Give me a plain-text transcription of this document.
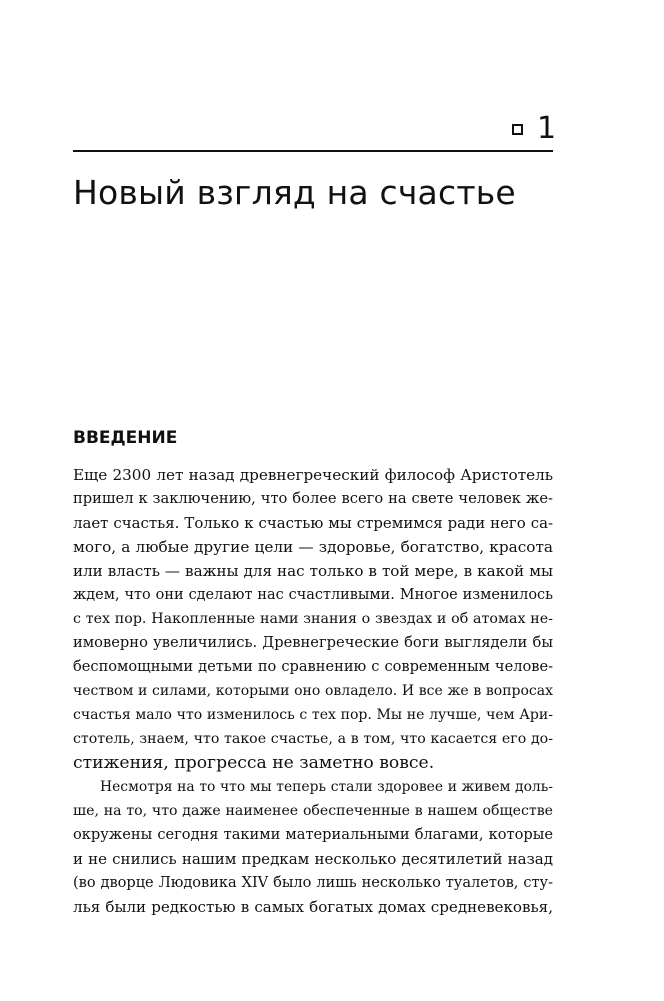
1
Новый взгляд на счастье
ВВЕДЕНИЕ
Еще 2300 лет назад древнегреческий философ Аристотель
пришел к заключению, что более всего на свете человек же-
лает счастья. Только к счастью мы стремимся ради него са-
мого, а любые другие цели — здоровье, богатство, красота
или власть — важны для нас только в той мере, в какой мы
ждем, что они сделают нас счастливыми. Многое изменилось
с тех пор. Накопленные нами знания о звездах и об атомах не-
имоверно увеличились. Древнегреческие боги выглядели бы
беспомощными детьми по сравнению с современным челове-
чеством и силами, которыми оно овладело. И все же в вопросах
счастья мало что изменилось с тех пор. Мы не лучше, чем Ари-
стотель, знаем, что такое счастье, а в том, что касается его до-
стижения, прогресса не заметно вовсе.
Несмотря на то что мы теперь стали здоровее и живем доль-
ше, на то, что даже наименее обеспеченные в нашем обществе
окружены сегодня такими материальными благами, которые
и не снились нашим предкам несколько десятилетий назад
(во дворце Людовика XIV было лишь несколько туалетов, сту-
лья были редкостью в самых богатых домах средневековья,
